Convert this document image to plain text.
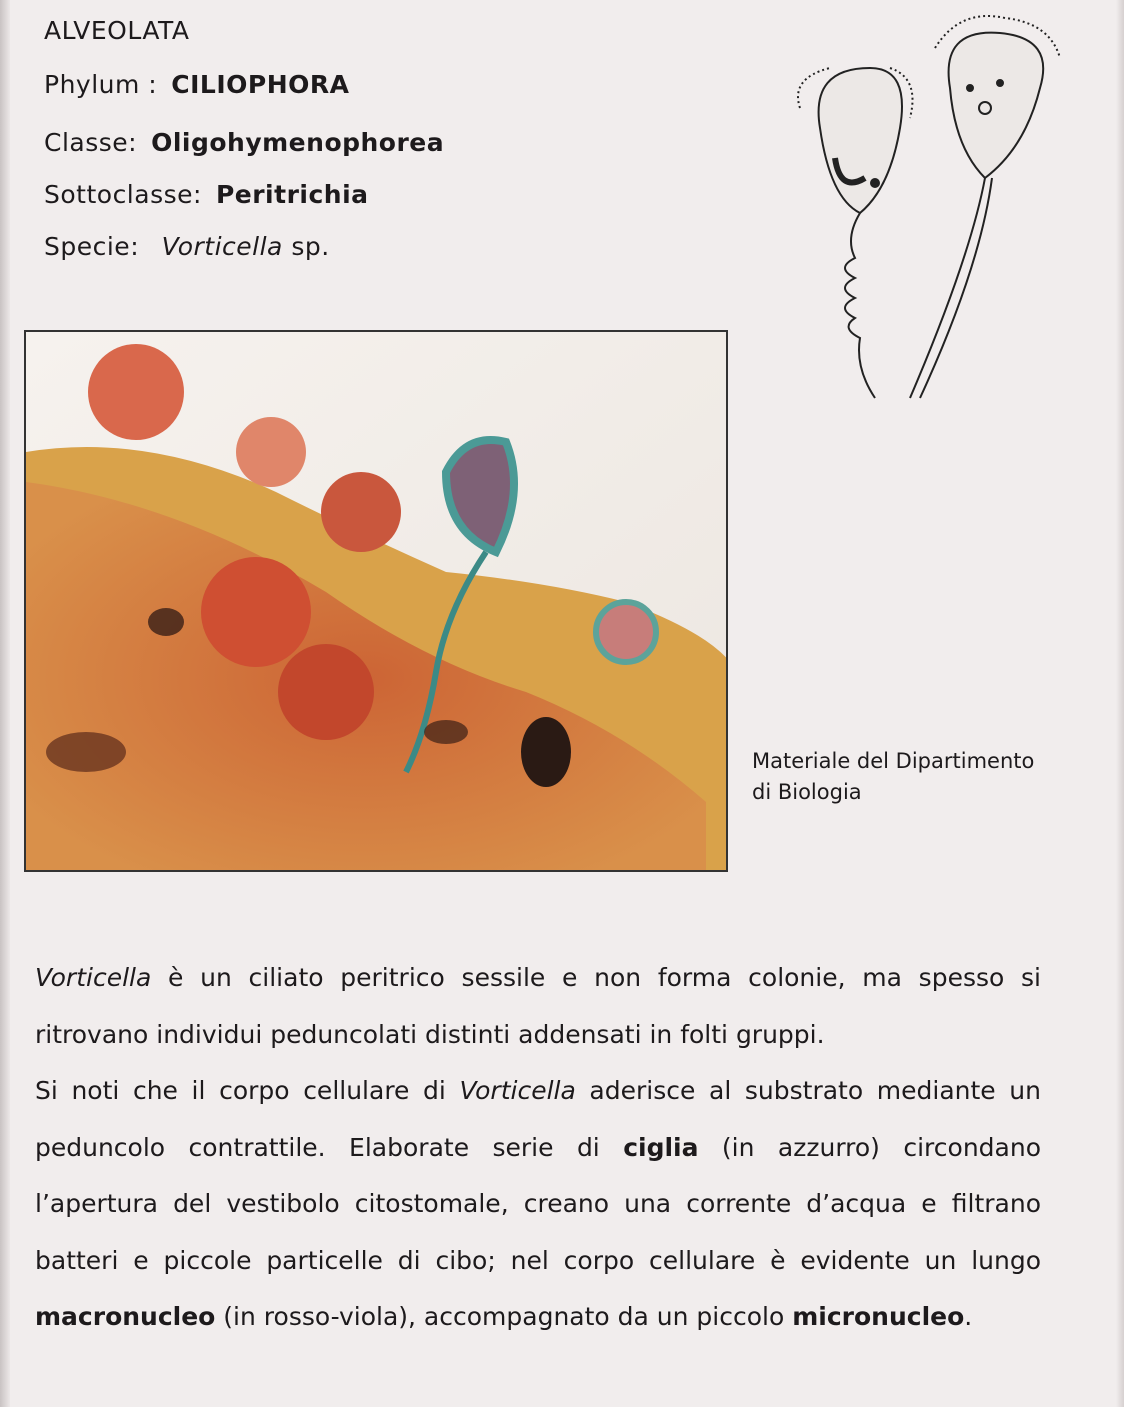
ALVEOLATA
Phylum : CILIOPHORA
Classe: Oligohymenophorea
Sottoclasse: Peritrichia
Specie: Vorticella sp.
Materiale del Dipartimento
di Biologia
Vorticella è un ciliato peritrico sessile e non forma colonie, ma spesso si ritrovano individui peduncolati distinti addensati in folti gruppi.
Si noti che il corpo cellulare di Vorticella aderisce al substrato mediante un peduncolo contrattile. Elaborate serie di ciglia (in azzurro) circondano l’apertura del vestibolo citostomale, creano una corrente d’acqua e filtrano batteri e piccole particelle di cibo; nel corpo cellulare è evidente un lungo macronucleo (in rosso-viola), accompagnato da un piccolo micronucleo.
